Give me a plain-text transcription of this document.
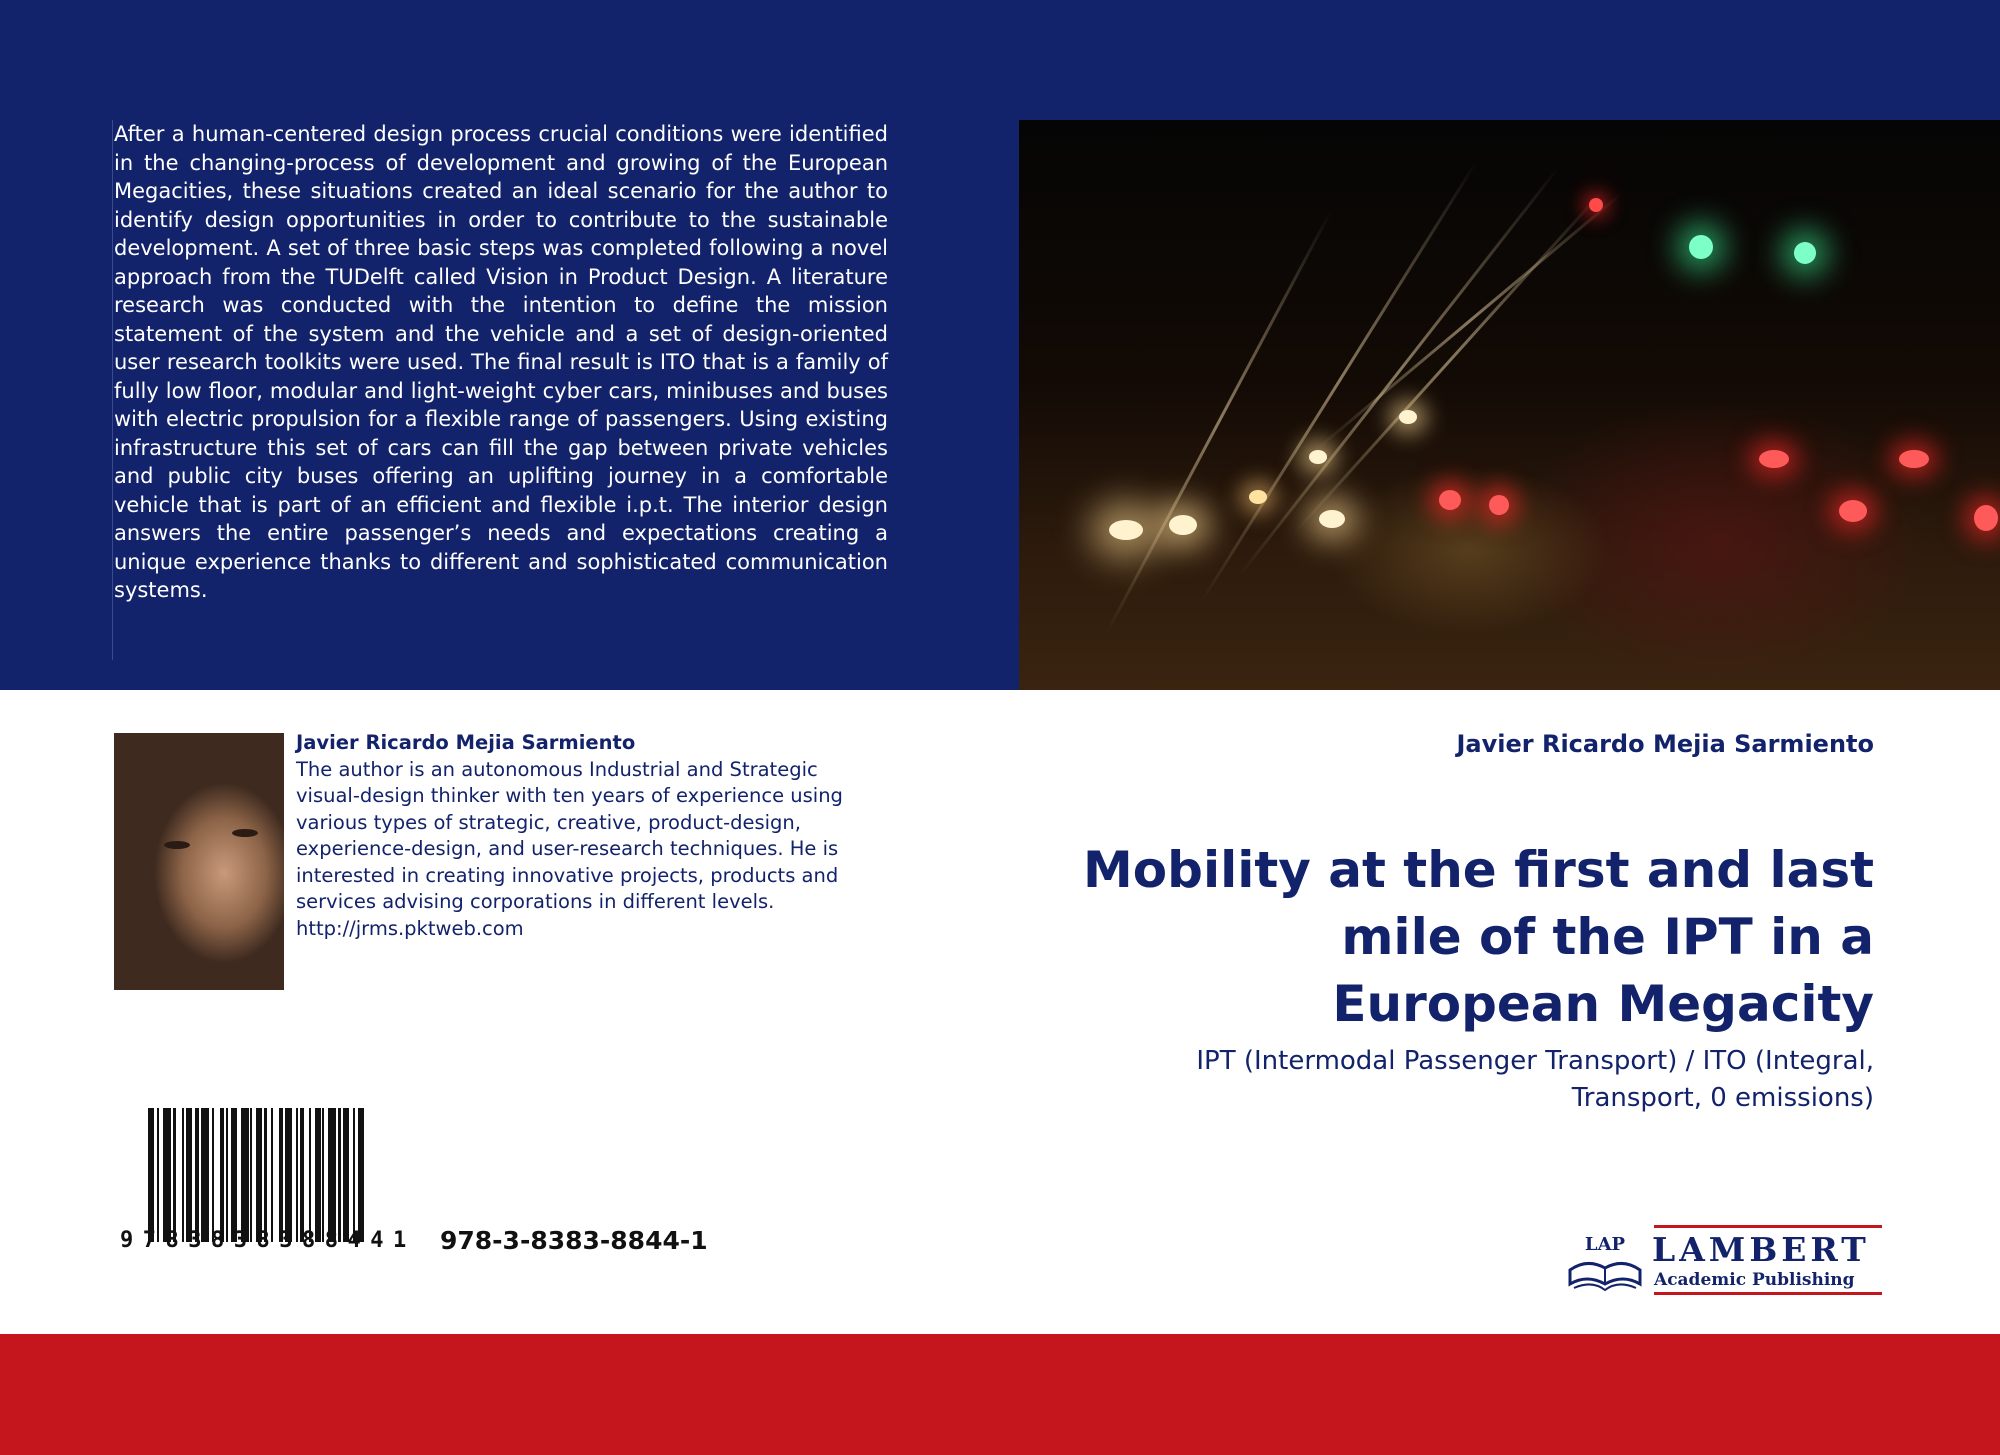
After a human-centered design process crucial conditions were identified in the changing-process of development and growing of the European Megacities, these situations created an ideal scenario for the author to identify design opportunities in order to contribute to the sustainable development. A set of three basic steps was completed following a novel approach from the TUDelft called Vision in Product Design. A literature research was conducted with the intention to define the mission statement of the system and the vehicle and a set of design-oriented user research toolkits were used. The final result is ITO that is a family of fully low floor, modular and light-weight cyber cars, minibuses and buses with electric propulsion for a flexible range of passengers. Using existing infrastructure this set of cars can fill the gap between private vehicles and public city buses offering an uplifting journey in a comfortable vehicle that is part of an efficient and flexible i.p.t. The interior design answers the entire passenger’s needs and expectations creating a unique experience thanks to different and sophisticated communication systems.
Javier Ricardo Mejia Sarmiento
The author is an autonomous Industrial and Strategic visual-design thinker with ten years of experience using various types of strategic, creative, product-design, experience-design, and user-research techniques. He is interested in creating innovative projects, products and services advising corporations in different levels. http://jrms.pktweb.com
Javier Ricardo Mejia Sarmiento
Mobility at the first and last mile of the IPT in a European Megacity
IPT (Intermodal Passenger Transport) / ITO (Integral, Transport, 0 emissions)
9783838388441 978-3-8383-8844-1	LAP LAMBERT
Academic Publishing
